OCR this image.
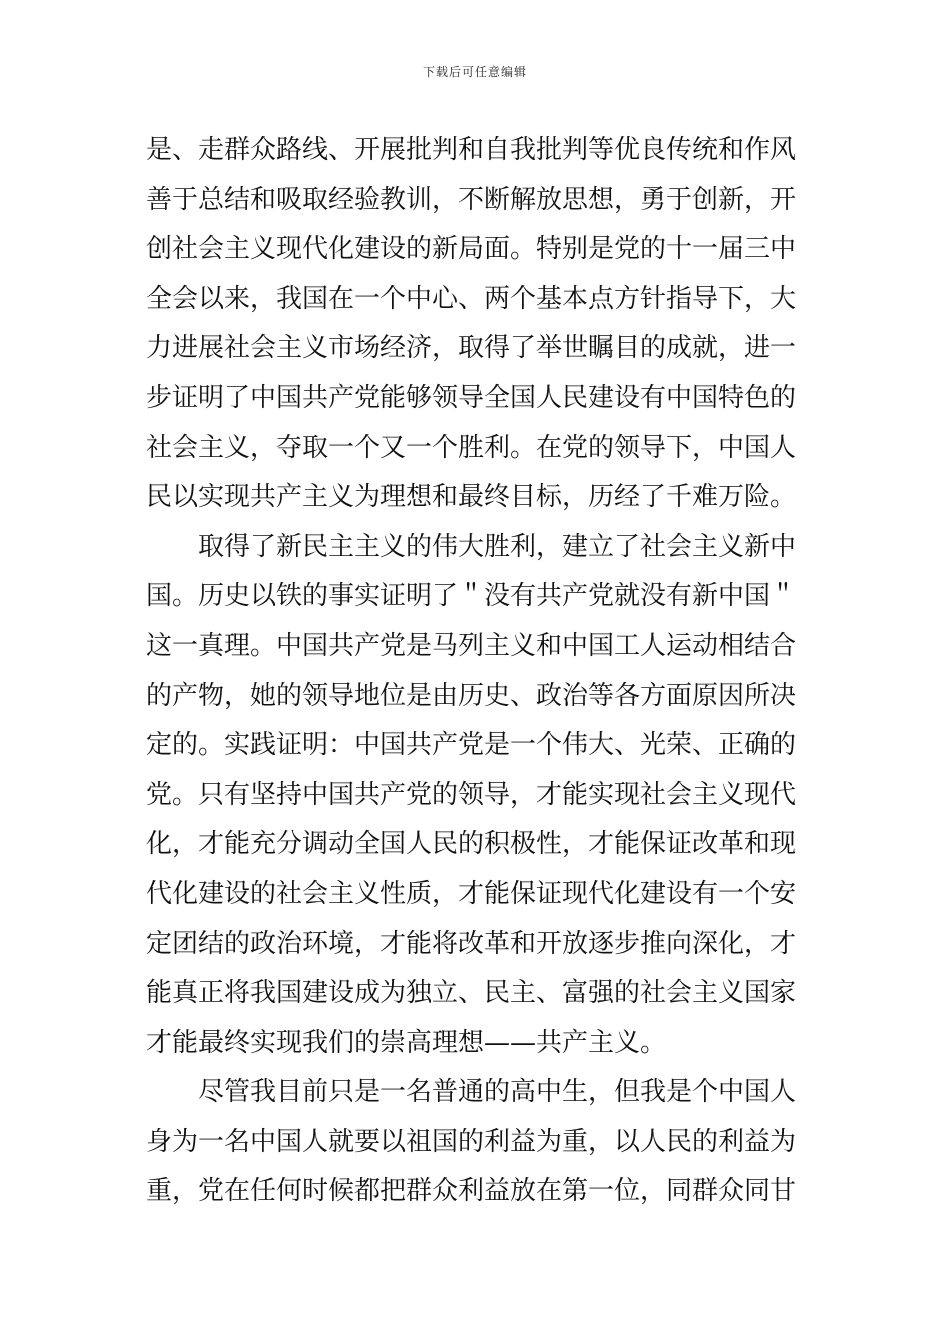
下载后可任意编辑
是、走群众路线、开展批判和自我批判等优良传统和作风
善于总结和吸取经验教训，不断解放思想，勇于创新，开
创社会主义现代化建设的新局面。特别是党的十一届三中
全会以来，我国在一个中心、两个基本点方针指导下，大
力进展社会主义市场经济，取得了举世瞩目的成就，进一
步证明了中国共产党能够领导全国人民建设有中国特色的
社会主义，夺取一个又一个胜利。在党的领导下，中国人
民以实现共产主义为理想和最终目标，历经了千难万险。
取得了新民主主义的伟大胜利，建立了社会主义新中
国。历史以铁的事实证明了＂没有共产党就没有新中国＂
这一真理。中国共产党是马列主义和中国工人运动相结合
的产物，她的领导地位是由历史、政治等各方面原因所决
定的。实践证明：中国共产党是一个伟大、光荣、正确的
党。只有坚持中国共产党的领导，才能实现社会主义现代
化，才能充分调动全国人民的积极性，才能保证改革和现
代化建设的社会主义性质，才能保证现代化建设有一个安
定团结的政治环境，才能将改革和开放逐步推向深化，才
能真正将我国建设成为独立、民主、富强的社会主义国家
才能最终实现我们的崇高理想——共产主义。
尽管我目前只是一名普通的高中生，但我是个中国人
身为一名中国人就要以祖国的利益为重，以人民的利益为
重，党在任何时候都把群众利益放在第一位，同群众同甘
